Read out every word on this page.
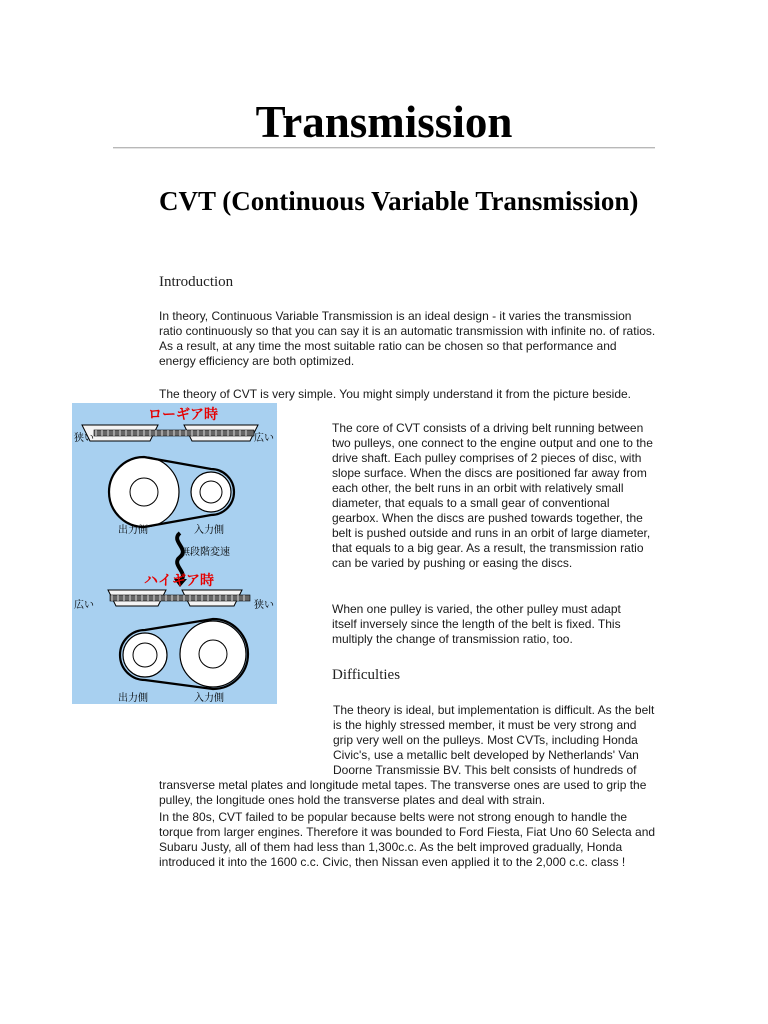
Transmission
CVT (Continuous Variable Transmission)
Introduction

In theory, Continuous Variable Transmission is an ideal design - it varies the transmission ratio continuously so that you can say it is an automatic transmission with infinite no. of ratios. As a result, at any time the most suitable ratio can be chosen so that performance and energy efficiency are both optimized.

The theory of CVT is very simple. You might simply understand it from the picture beside.

The core of CVT consists of a driving belt running between two pulleys, one connect to the engine output and one to the drive shaft. Each pulley comprises of 2 pieces of disc, with slope surface. When the discs are positioned far away from each other, the belt runs in an orbit with relatively small diameter, that equals to a small gear of conventional gearbox. When the discs are pushed towards together, the belt is pushed outside and runs in an orbit of large diameter, that equals to a big gear. As a result, the transmission ratio can be varied by pushing or easing the discs.

When one pulley is varied, the other pulley must adapt itself inversely since the length of the belt is fixed. This multiply the change of transmission ratio, too.

Difficulties
The theory is ideal, but implementation is difficult. As the belt is the highly stressed member, it must be very strong and grip very well on the pulleys. Most CVTs, including Honda Civic's, use a metallic belt developed by Netherlands' Van Doorne Transmissie BV. This belt consists of hundreds of transverse metal plates and longitude metal tapes. The transverse ones are used to grip the pulley, the longitude ones hold the transverse plates and deal with strain.

In the 80s, CVT failed to be popular because belts were not strong enough to handle the torque from larger engines. Therefore it was bounded to Ford Fiesta, Fiat Uno 60 Selecta and Subaru Justy, all of them had less than 1,300c.c. As the belt improved gradually, Honda introduced it into the 1600 c.c. Civic, then Nissan even applied it to the 2,000 c.c. class !

ローギア時
狭い	広い
出力側	入力側
無段階変速
ハイギア時
広い	狭い
出力側	入力側
